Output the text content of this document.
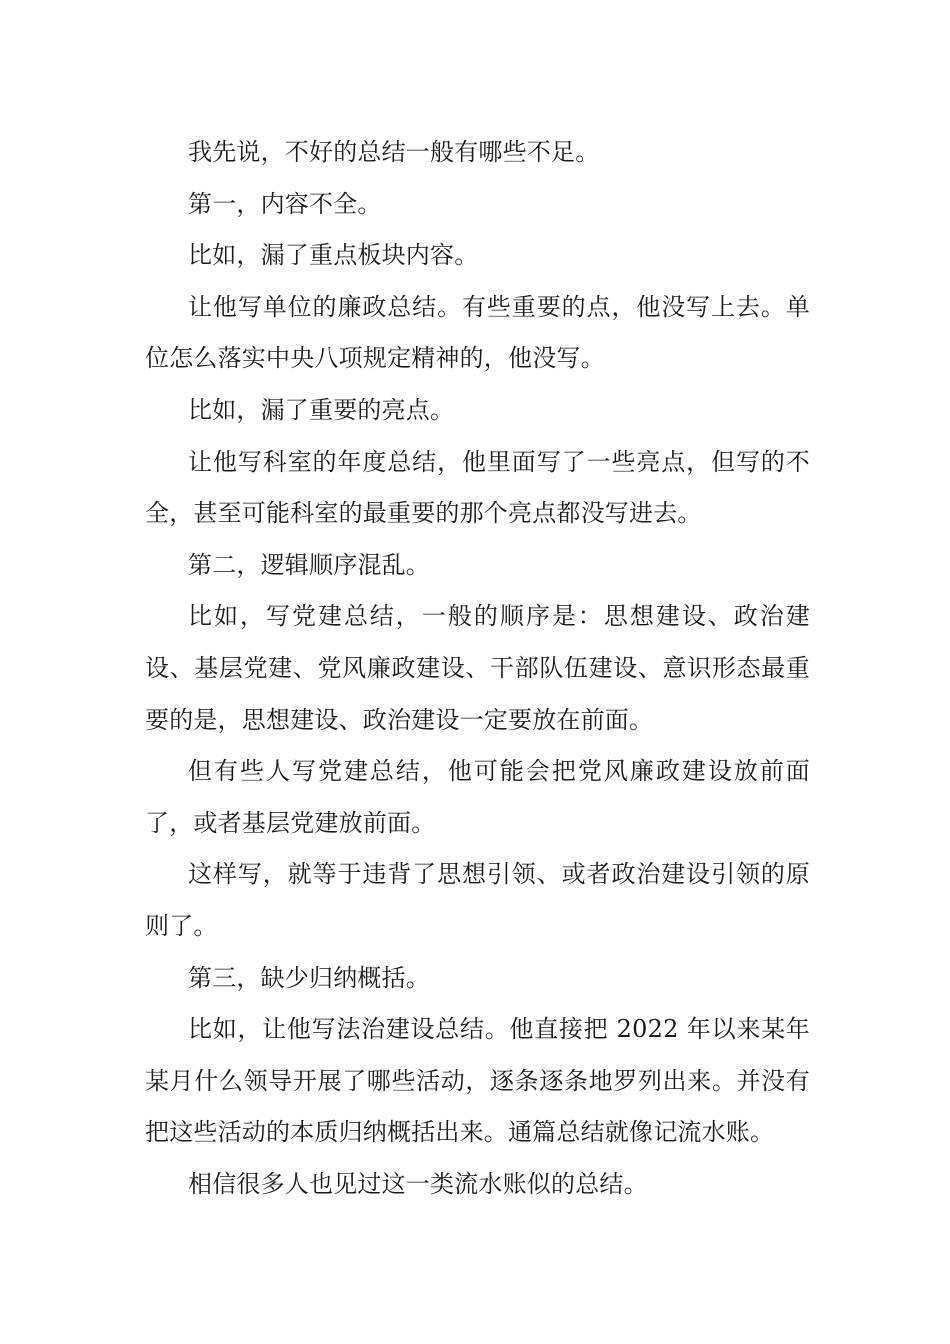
我先说，不好的总结一般有哪些不足。

第一，内容不全。

比如，漏了重点板块内容。

让他写单位的廉政总结。有些重要的点，他没写上去。单位怎么落实中央八项规定精神的，他没写。

比如，漏了重要的亮点。

让他写科室的年度总结，他里面写了一些亮点，但写的不全，甚至可能科室的最重要的那个亮点都没写进去。

第二，逻辑顺序混乱。

比如，写党建总结，一般的顺序是：思想建设、政治建设、基层党建、党风廉政建设、干部队伍建设、意识形态最重要的是，思想建设、政治建设一定要放在前面。

但有些人写党建总结，他可能会把党风廉政建设放前面了，或者基层党建放前面。

这样写，就等于违背了思想引领、或者政治建设引领的原则了。

第三，缺少归纳概括。

比如，让他写法治建设总结。他直接把 2022 年以来某年某月什么领导开展了哪些活动，逐条逐条地罗列出来。并没有把这些活动的本质归纳概括出来。通篇总结就像记流水账。

相信很多人也见过这一类流水账似的总结。
